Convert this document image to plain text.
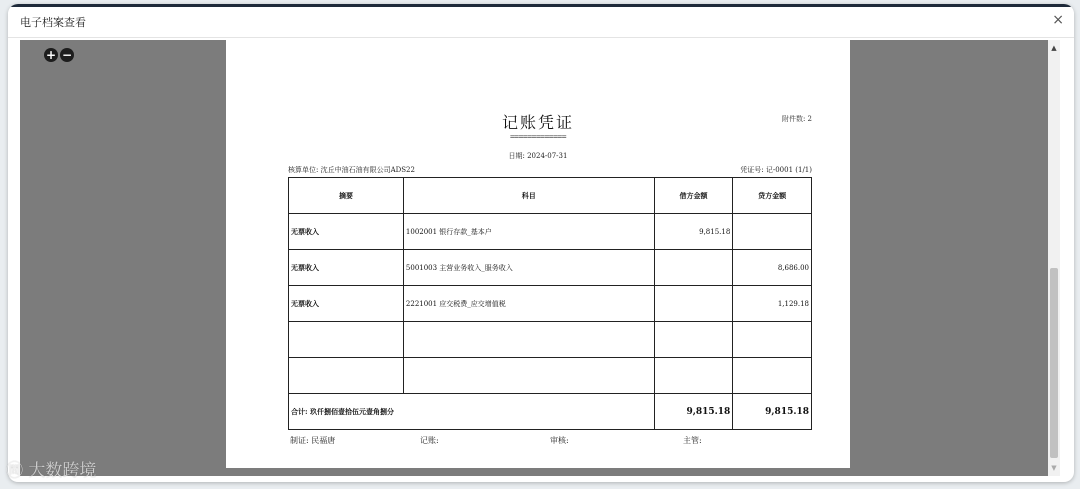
电子档案查看	×
+ −
记账凭证
=============
附件数: 2
日期: 2024-07-31
核算单位: 沈丘中油石油有限公司ADS22	凭证号: 记-0001 (1/1)
摘要	科目	借方金额	贷方金额
无票收入	1002001 银行存款_基本户	9,815.18	
无票收入	5001003 主营业务收入_服务收入		8,686.00
无票收入	2221001 应交税费_应交增值税		1,129.18

合计: 玖仟捌佰壹拾伍元壹角捌分		9,815.18	9,815.18
制证: 民福唐	记账:	审核:	主管:
▲
▼
㉄ 大数跨境
